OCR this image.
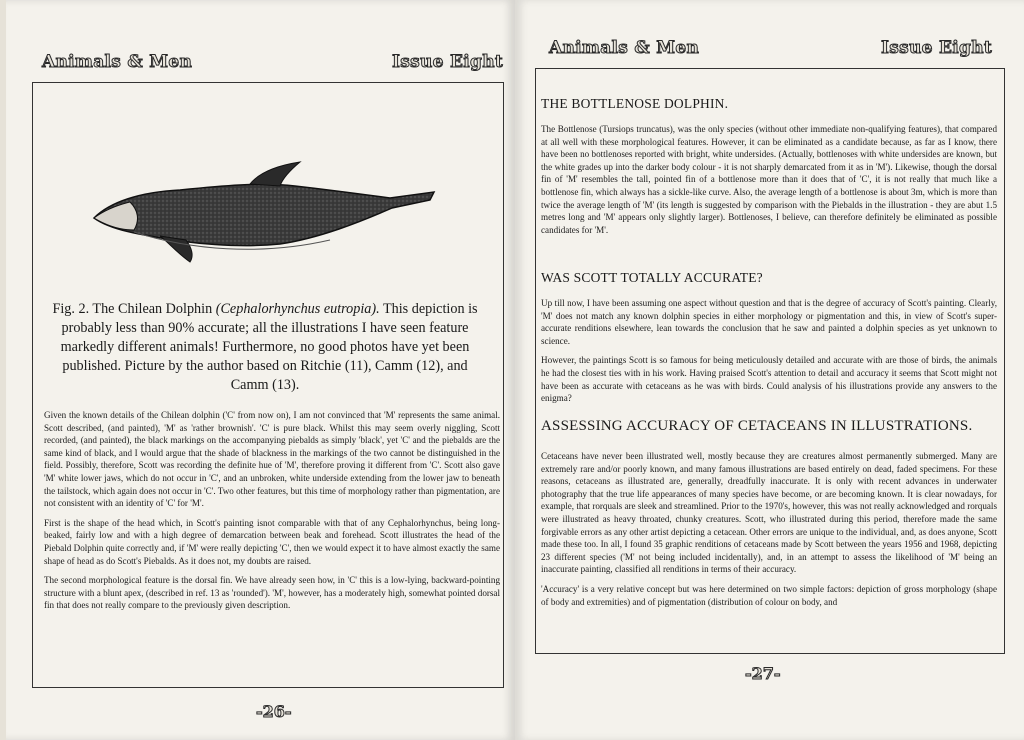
Animals & Men	Issue Eight
Fig. 2. The Chilean Dolphin (Cephalorhynchus eutropia). This depiction is probably less than 90% accurate; all the illustrations I have seen feature markedly different animals! Furthermore, no good photos have yet been published. Picture by the author based on Ritchie (11), Camm (12), and Camm (13).

Given the known details of the Chilean dolphin ('C' from now on), I am not convinced that 'M' represents the same animal. Scott described, (and painted), 'M' as 'rather brownish'. 'C' is pure black. Whilst this may seem overly niggling, Scott recorded, (and painted), the black markings on the accompanying piebalds as simply 'black', yet 'C' and the piebalds are the same kind of black, and I would argue that the shade of blackness in the markings of the two cannot be distinguished in the field. Possibly, therefore, Scott was recording the definite hue of 'M', therefore proving it different from 'C'. Scott also gave 'M' white lower jaws, which do not occur in 'C', and an unbroken, white underside extending from the lower jaw to beneath the tailstock, which again does not occur in 'C'. Two other features, but this time of morphology rather than pigmentation, are not consistent with an identity of 'C' for 'M'.

First is the shape of the head which, in Scott's painting isnot comparable with that of any Cephalorhynchus, being long-beaked, fairly low and with a high degree of demarcation between beak and forehead. Scott illustrates the head of the Piebald Dolphin quite correctly and, if 'M' were really depicting 'C', then we would expect it to have almost exactly the same shape of head as do Scott's Piebalds. As it does not, my doubts are raised.

The second morphological feature is the dorsal fin. We have already seen how, in 'C' this is a low-lying, backward-pointing structure with a blunt apex, (described in ref. 13 as 'rounded'). 'M', however, has a moderately high, somewhat pointed dorsal fin that does not really compare to the previously given description.

-26-
Animals & Men	Issue Eight
THE BOTTLENOSE DOLPHIN.

The Bottlenose (Tursiops truncatus), was the only species (without other immediate non-qualifying features), that compared at all well with these morphological features. However, it can be eliminated as a candidate because, as far as I know, there have been no bottlenoses reported with bright, white undersides. (Actually, bottlenoses with white undersides are known, but the white grades up into the darker body colour - it is not sharply demarcated from it as in 'M'). Likewise, though the dorsal fin of 'M' resembles the tall, pointed fin of a bottlenose more than it does that of 'C', it is not really that much like a bottlenose fin, which always has a sickle-like curve. Also, the average length of a bottlenose is about 3m, which is more than twice the average length of 'M' (its length is suggested by comparison with the Piebalds in the illustration - they are abut 1.5 metres long and 'M' appears only slightly larger). Bottlenoses, I believe, can therefore definitely be eliminated as possible candidates for 'M'.

WAS SCOTT TOTALLY ACCURATE?

Up till now, I have been assuming one aspect without question and that is the degree of accuracy of Scott's painting. Clearly, 'M' does not match any known dolphin species in either morphology or pigmentation and this, in view of Scott's super-accurate renditions elsewhere, lean towards the conclusion that he saw and painted a dolphin species as yet unknown to science.

However, the paintings Scott is so famous for being meticulously detailed and accurate with are those of birds, the animals he had the closest ties with in his work. Having praised Scott's attention to detail and accuracy it seems that Scott might not have been as accurate with cetaceans as he was with birds. Could analysis of his illustrations provide any answers to the enigma?

ASSESSING ACCURACY OF CETACEANS IN ILLUSTRATIONS.

Cetaceans have never been illustrated well, mostly because they are creatures almost permanently submerged. Many are extremely rare and/or poorly known, and many famous illustrations are based entirely on dead, faded specimens. For these reasons, cetaceans as illustrated are, generally, dreadfully inaccurate. It is only with recent advances in underwater photography that the true life appearances of many species have become, or are becoming known. It is clear nowadays, for example, that rorquals are sleek and streamlined. Prior to the 1970's, however, this was not really acknowledged and rorquals were illustrated as heavy throated, chunky creatures. Scott, who illustrated during this period, therefore made the same forgivable errors as any other artist depicting a cetacean. Other errors are unique to the individual, and, as does anyone, Scott made these too. In all, I found 35 graphic renditions of cetaceans made by Scott between the years 1956 and 1968, depicting 23 different species ('M' not being included incidentally), and, in an attempt to assess the likelihood of 'M' being an inaccurate painting, classified all renditions in terms of their accuracy.

'Accuracy' is a very relative concept but was here determined on two simple factors: depiction of gross morphology (shape of body and extremities) and of pigmentation (distribution of colour on body, and

-27-
